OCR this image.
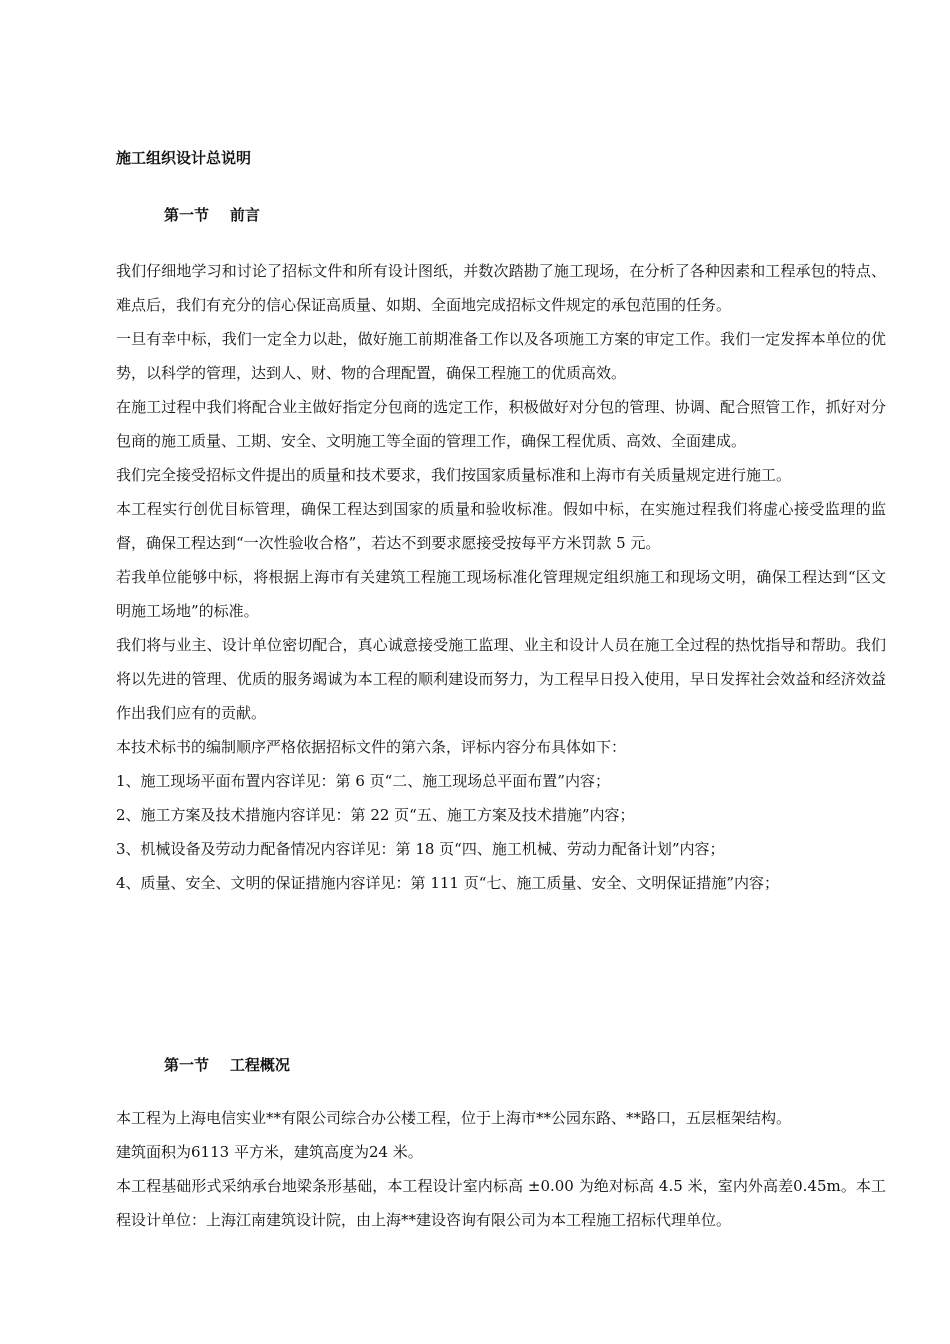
施工组织设计总说明
第一节    前言

我们仔细地学习和讨论了招标文件和所有设计图纸，并数次踏勘了施工现场，在分析了各种因素和工程承包的特点、难点后，我们有充分的信心保证高质量、如期、全面地完成招标文件规定的承包范围的任务。

一旦有幸中标，我们一定全力以赴，做好施工前期准备工作以及各项施工方案的审定工作。我们一定发挥本单位的优势，以科学的管理，达到人、财、物的合理配置，确保工程施工的优质高效。

在施工过程中我们将配合业主做好指定分包商的选定工作，积极做好对分包的管理、协调、配合照管工作，抓好对分包商的施工质量、工期、安全、文明施工等全面的管理工作，确保工程优质、高效、全面建成。

我们完全接受招标文件提出的质量和技术要求，我们按国家质量标准和上海市有关质量规定进行施工。

本工程实行创优目标管理，确保工程达到国家的质量和验收标准。假如中标，在实施过程我们将虚心接受监理的监督，确保工程达到“一次性验收合格”，若达不到要求愿接受按每平方米罚款 5 元。

若我单位能够中标，将根据上海市有关建筑工程施工现场标准化管理规定组织施工和现场文明，确保工程达到“区文明施工场地”的标准。

我们将与业主、设计单位密切配合，真心诚意接受施工监理、业主和设计人员在施工全过程的热忱指导和帮助。我们将以先进的管理、优质的服务竭诚为本工程的顺利建设而努力，为工程早日投入使用，早日发挥社会效益和经济效益作出我们应有的贡献。

本技术标书的编制顺序严格依据招标文件的第六条，评标内容分布具体如下：

1、施工现场平面布置内容详见：第 6 页“二、施工现场总平面布置”内容；

2、施工方案及技术措施内容详见：第 22 页“五、施工方案及技术措施”内容；

3、机械设备及劳动力配备情况内容详见：第 18 页“四、施工机械、劳动力配备计划”内容；

4、质量、安全、文明的保证措施内容详见：第 111 页“七、施工质量、安全、文明保证措施”内容；

第一节    工程概况

本工程为上海电信实业**有限公司综合办公楼工程，位于上海市**公园东路、**路口，五层框架结构。

建筑面积为6113 平方米，建筑高度为24 米。

本工程基础形式采纳承台地梁条形基础，本工程设计室内标高 ±0.00 为绝对标高 4.5 米，室内外高差0.45m。本工程设计单位：上海江南建筑设计院，由上海**建设咨询有限公司为本工程施工招标代理单位。
